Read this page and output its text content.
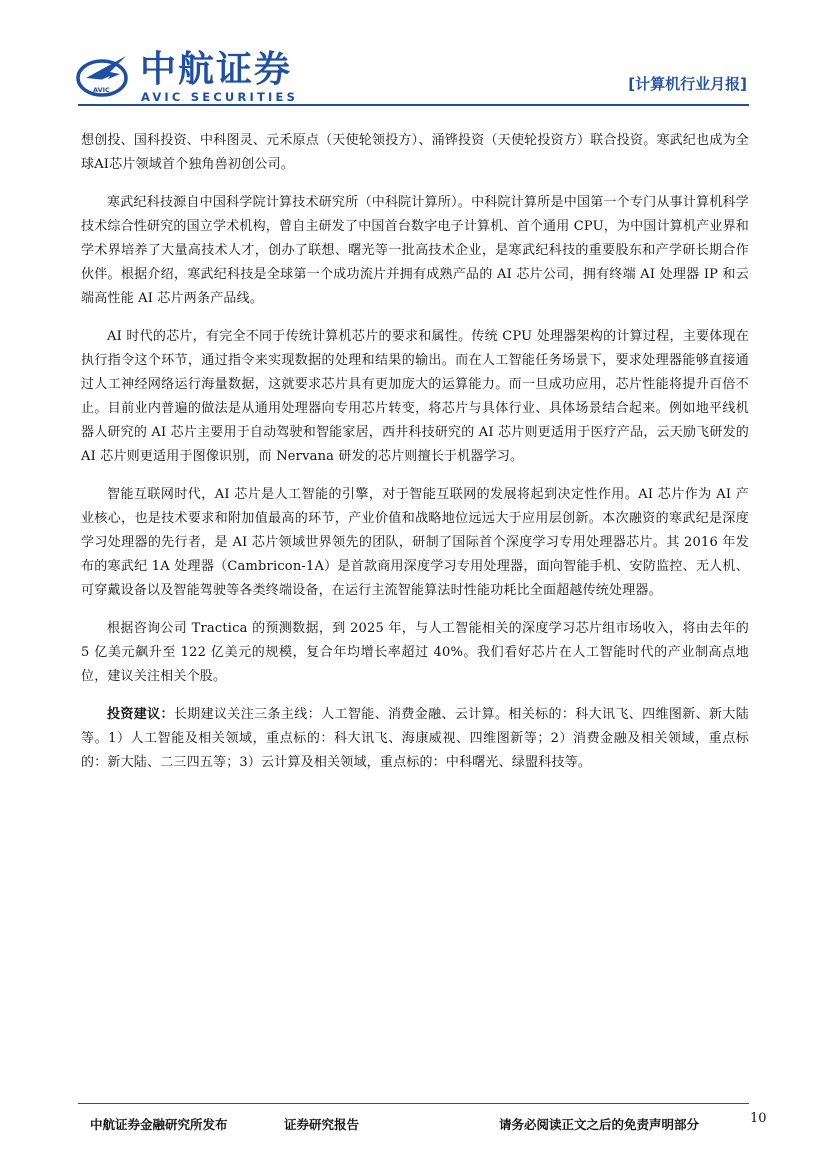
AVIC 中航证券
AVIC SECURITIES
[计算机行业月报]

想创投、国科投资、中科图灵、元禾原点（天使轮领投方）、涌铧投资（天使轮投资方）联合投资。寒武纪也成为全球AI芯片领域首个独角兽初创公司。

寒武纪科技源自中国科学院计算技术研究所（中科院计算所）。中科院计算所是中国第一个专门从事计算机科学技术综合性研究的国立学术机构，曾自主研发了中国首台数字电子计算机、首个通用 CPU，为中国计算机产业界和学术界培养了大量高技术人才，创办了联想、曙光等一批高技术企业，是寒武纪科技的重要股东和产学研长期合作伙伴。根据介绍，寒武纪科技是全球第一个成功流片并拥有成熟产品的 AI 芯片公司，拥有终端 AI 处理器 IP 和云端高性能 AI 芯片两条产品线。

AI 时代的芯片，有完全不同于传统计算机芯片的要求和属性。传统 CPU 处理器架构的计算过程，主要体现在执行指令这个环节，通过指令来实现数据的处理和结果的输出。而在人工智能任务场景下，要求处理器能够直接通过人工神经网络运行海量数据，这就要求芯片具有更加庞大的运算能力。而一旦成功应用，芯片性能将提升百倍不止。目前业内普遍的做法是从通用处理器向专用芯片转变，将芯片与具体行业、具体场景结合起来。例如地平线机器人研究的 AI 芯片主要用于自动驾驶和智能家居，西井科技研究的 AI 芯片则更适用于医疗产品，云天励飞研发的 AI 芯片则更适用于图像识别，而 Nervana 研发的芯片则擅长于机器学习。

智能互联网时代，AI 芯片是人工智能的引擎，对于智能互联网的发展将起到决定性作用。AI 芯片作为 AI 产业核心，也是技术要求和附加值最高的环节，产业价值和战略地位远远大于应用层创新。本次融资的寒武纪是深度学习处理器的先行者，是 AI 芯片领域世界领先的团队，研制了国际首个深度学习专用处理器芯片。其 2016 年发布的寒武纪 1A 处理器（Cambricon-1A）是首款商用深度学习专用处理器，面向智能手机、安防监控、无人机、可穿戴设备以及智能驾驶等各类终端设备，在运行主流智能算法时性能功耗比全面超越传统处理器。

根据咨询公司 Tractica 的预测数据，到 2025 年，与人工智能相关的深度学习芯片组市场收入，将由去年的 5 亿美元飙升至 122 亿美元的规模，复合年均增长率超过 40%。我们看好芯片在人工智能时代的产业制高点地位，建议关注相关个股。

投资建议：长期建议关注三条主线：人工智能、消费金融、云计算。相关标的：科大讯飞、四维图新、新大陆等。1）人工智能及相关领域，重点标的：科大讯飞、海康威视、四维图新等；2）消费金融及相关领域，重点标的：新大陆、二三四五等；3）云计算及相关领域，重点标的：中科曙光、绿盟科技等。

中航证券金融研究所发布	证券研究报告	请务必阅读正文之后的免责声明部分	10
